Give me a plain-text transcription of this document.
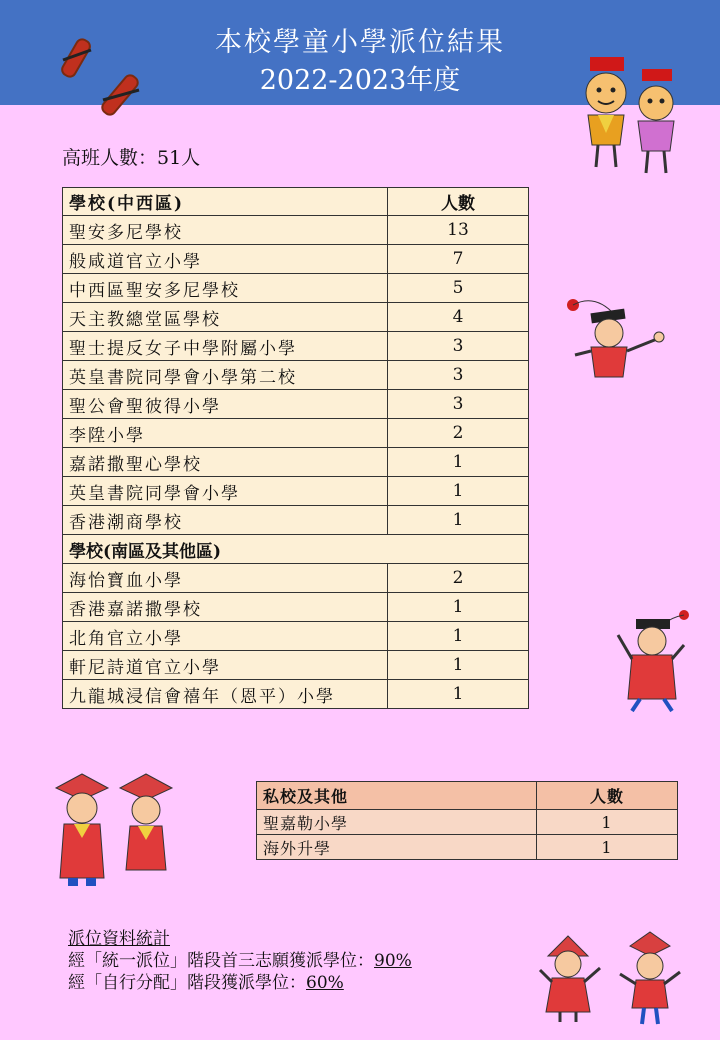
本校學童小學派位結果
2022-2023年度
高班人數：51人
學校(中西區)	人數
聖安多尼學校	13
般咸道官立小學	7
中西區聖安多尼學校	5
天主教總堂區學校	4
聖士提反女子中學附屬小學	3
英皇書院同學會小學第二校	3
聖公會聖彼得小學	3
李陞小學	2
嘉諾撒聖心學校	1
英皇書院同學會小學	1
香港潮商學校	1
學校(南區及其他區)	
海怡寶血小學	2
香港嘉諾撒學校	1
北角官立小學	1
軒尼詩道官立小學	1
九龍城浸信會禧年（恩平）小學	1
私校及其他	人數
聖嘉勒小學	1
海外升學	1
派位資料統計
經「統一派位」階段首三志願獲派學位：90%
經「自行分配」階段獲派學位：60%
